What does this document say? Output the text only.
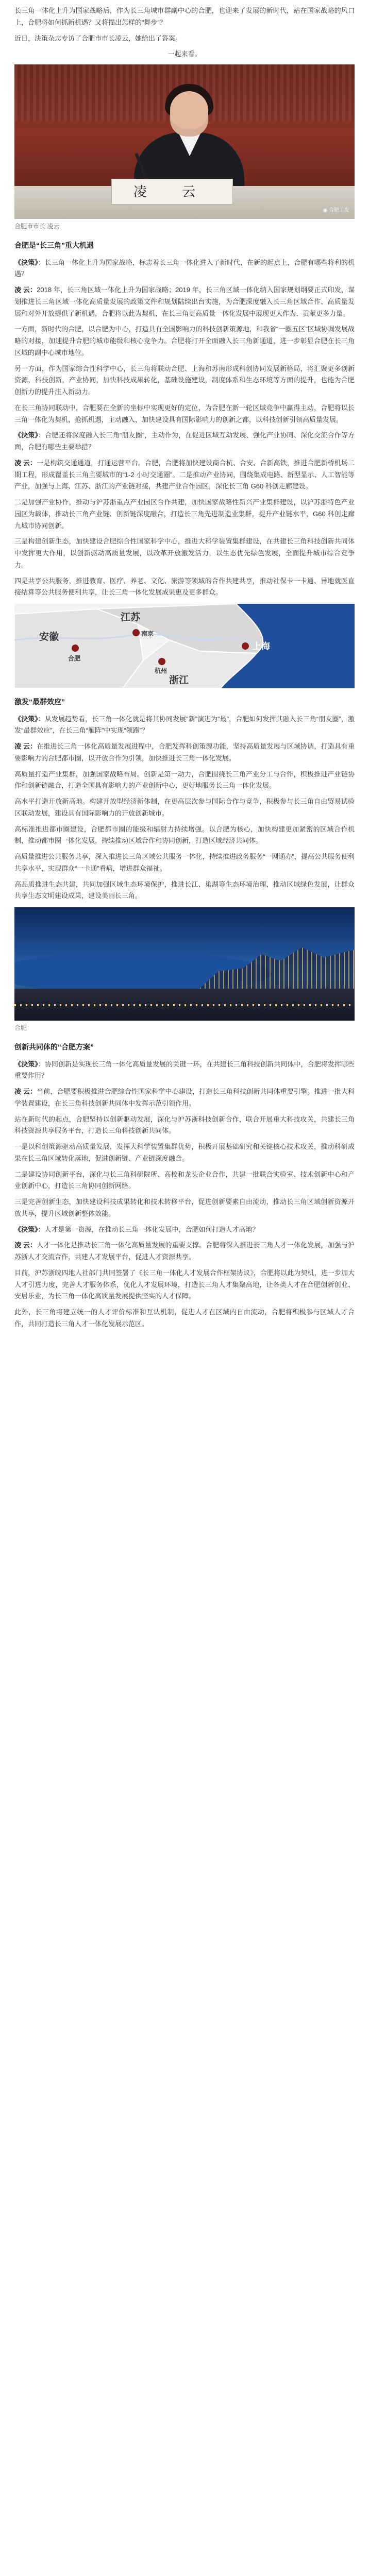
长三角一体化上升为国家战略后，作为长三角城市群副中心的合肥，也迎来了发展的新时代，站在国家战略的风口上，合肥将如何抓新机遇？又将描出怎样的“舞步”？

近日，決策杂志专访了合肥市市长凌云，她给出了答案。

一起来看。

凌 云
◉ 合肥工发

合肥市市长 凌云

合肥是“长三角”重大机遇

《決策》：长三角一体化上升为国家战略，标志着长三角一体化进入了新时代，在新的起点上，合肥有哪些将利的机遇？

凌 云：2018 年，长三角区域一体化上升为国家战略；2019 年，长三角区域一体化纳入国家规划纲要正式印发，谋划推进长三角区域一体化高质量发展的政策文件和规划陆续出台实施，为合肥深度融入长三角区域合作、高质量发展和对外开放提供了新机遇，合肥将以此为契机，在长三角更高质量一体化发展中展现更大作为、贡献更多力量。

一方面，新时代的合肥，以合肥为中心，打造具有全国影响力的科技创新策源地，和我省“一圈五区”区域协调发展战略的对接，加速提升合肥的城市能级和核心竞争力。合肥将打开全面融入长三角新通道，进一步彰显合肥在长三角区域的副中心城市地位。

另一方面，作为国家综合性科学中心，长三角将联动合肥、上海和苏南形成科创协同发展新格局，将汇聚更多创新资源，科技创新，产业协同，加快科技成果转化，基础设施建设，制度体系和生态环境等方面的提升，也能为合肥创新力的提升注入新动力。

在长三角协同联动中，合肥要在全新的坐标中实现更好的定位，为合肥在新一轮区域竞争中赢得主动，合肥将以长三角一体化为契机，抢抓机遇，主动融入，加快建设具有国际影响力的创新之都，以科技创新引领高质量发展。

《決策》：合肥还将深度融入长三角“朋友圈”，主动作为，在促进区域互动发展、强化产业协同、深化交流合作等方面，合肥有哪些主要举措？

凌 云：一是构筑交通通道，打通运营平台。合肥，合肥将加快建设商合杭、合安、合新高铁，推进合肥新桥机场二期工程，形成覆盖长三角主要城市的“1-2 小时交通圈”。二是推动产业协同，围绕集成电路、新型显示、人工智能等产业，加强与上海、江苏、浙江的产业链对接，共建产业合作园区，深化长三角 G60 科创走廊建设。

二是加强产业协作，推动与沪苏浙重点产业园区合作共建，加快国家战略性新兴产业集群建设，以沪苏浙特色产业园区为载体，推动长三角产业链、创新链深度融合，打造长三角先进制造业集群，提升产业链水平，G60 科创走廊九城市协同创新。

三是构建创新生态，加快建设合肥综合性国家科学中心，推进大科学装置集群建设，在共建长三角科技创新共同体中发挥更大作用，以创新驱动高质量发展，以改革开放激发活力，以生态优先绿色发展，全面提升城市综合竞争力。

四是共享公共服务，推进教育、医疗、养老、文化、旅游等领域的合作共建共享，推动社保卡一卡通、异地就医直接结算等公共服务便利共享，让长三角一体化发展成果惠及更多群众。

江苏
安徽
合肥
南京
上海
杭州
浙江

激发“最群效应”

《決策》：从发展趋势看，长三角一体化就是将其协同发展“新”演进为“最”，合肥如何发挥其融入长三角“朋友圈”，激发“最群效应”，在长三角“雁阵”中实现“领跑”？

凌 云：在推进长三角一体化高质量发展进程中，合肥发挥科创策源功能，坚持高质量发展与区域协调，打造具有重要影响力的合肥都市圈，以开放合作为引领，加快推进长三角一体化发展。

高质量打造产业集群，加强国家战略布局。创新是第一动力，合肥围绕长三角产业分工与合作，积极推进产业链协作和创新链融合，打造全国具有影响力的产业创新中心，更好地服务长三角一体化发展。

高水平打造开放新高地。构建开放型经济新体制，在更高层次参与国际合作与竞争，积极参与长三角自由贸易试验区联动发展，建设具有国际影响力的开放创新城市。

高标准推进都市圈建设，合肥都市圈的能级和辐射力持续增强。以合肥为核心，加快构建更加紧密的区域合作机制，推动都市圈一体化发展，持续推动区域合作和协同创新，打造区域经济共同体。

高质量推进公共服务共享，深入推进长三角区域公共服务一体化，持续推进政务服务“一网通办”，提高公共服务便利共享水平，实现群众“一卡通”看病，增进群众福祉。

高品质推进生态共建，共同加强区域生态环境保护，推进长江、巢湖等生态环境治理，推动区域绿色发展，让群众共享生态文明建设成果，建设美丽长三角。

合肥

创新共同体的“合肥方案”

《決策》：协同创新是实现长三角一体化高质量发展的关键一环，在共建长三角科技创新共同体中，合肥将发挥哪些重要作用？

凌 云：当前，合肥要积极推进合肥综合性国家科学中心建设，打造长三角科技创新共同体重要引擎。推进一批大科学装置建设，在长三角科技创新共同体中发挥示范引领作用。

站在新时代的起点，合肥坚持以创新驱动发展，深化与沪苏浙科技创新合作，联合开展重大科技攻关，共建长三角科技资源共享服务平台，打造长三角科技创新共同体。

一是以科创策源驱动高质量发展，发挥大科学装置集群优势，积极开展基础研究和关键核心技术攻关，推动科研成果在长三角区域转化落地，促进创新链、产业链深度融合。

二是建设协同创新平台，深化与长三角科研院所、高校和龙头企业合作，共建一批联合实验室、技术创新中心和产业创新中心，打造长三角协同创新网络。

三是完善创新生态，加快建设科技成果转化和技术转移平台，促进创新要素自由流动，推动长三角区域创新资源开放共享，提升区域创新整体效能。

《決策》：人才是第一资源，在推动长三角一体化发展中，合肥如何打造人才高地？

凌 云：人才一体化是推动长三角一体化高质量发展的重要支撑。合肥将深入推进长三角人才一体化发展，加强与沪苏浙人才交流合作，共建人才发展平台，促进人才资源共享。

目前，沪苏浙皖四地人社部门共同签署了《长三角一体化人才发展合作框架协议》，合肥将以此为契机，进一步加大人才引进力度，完善人才服务体系，优化人才发展环境，打造长三角人才集聚高地，让各类人才在合肥创新创业、安居乐业，为长三角一体化高质量发展提供坚实的人才保障。

此外，长三角将建立统一的人才评价标准和互认机制，促进人才在区域内自由流动，合肥将积极参与区域人才合作，共同打造长三角人才一体化发展示范区。
